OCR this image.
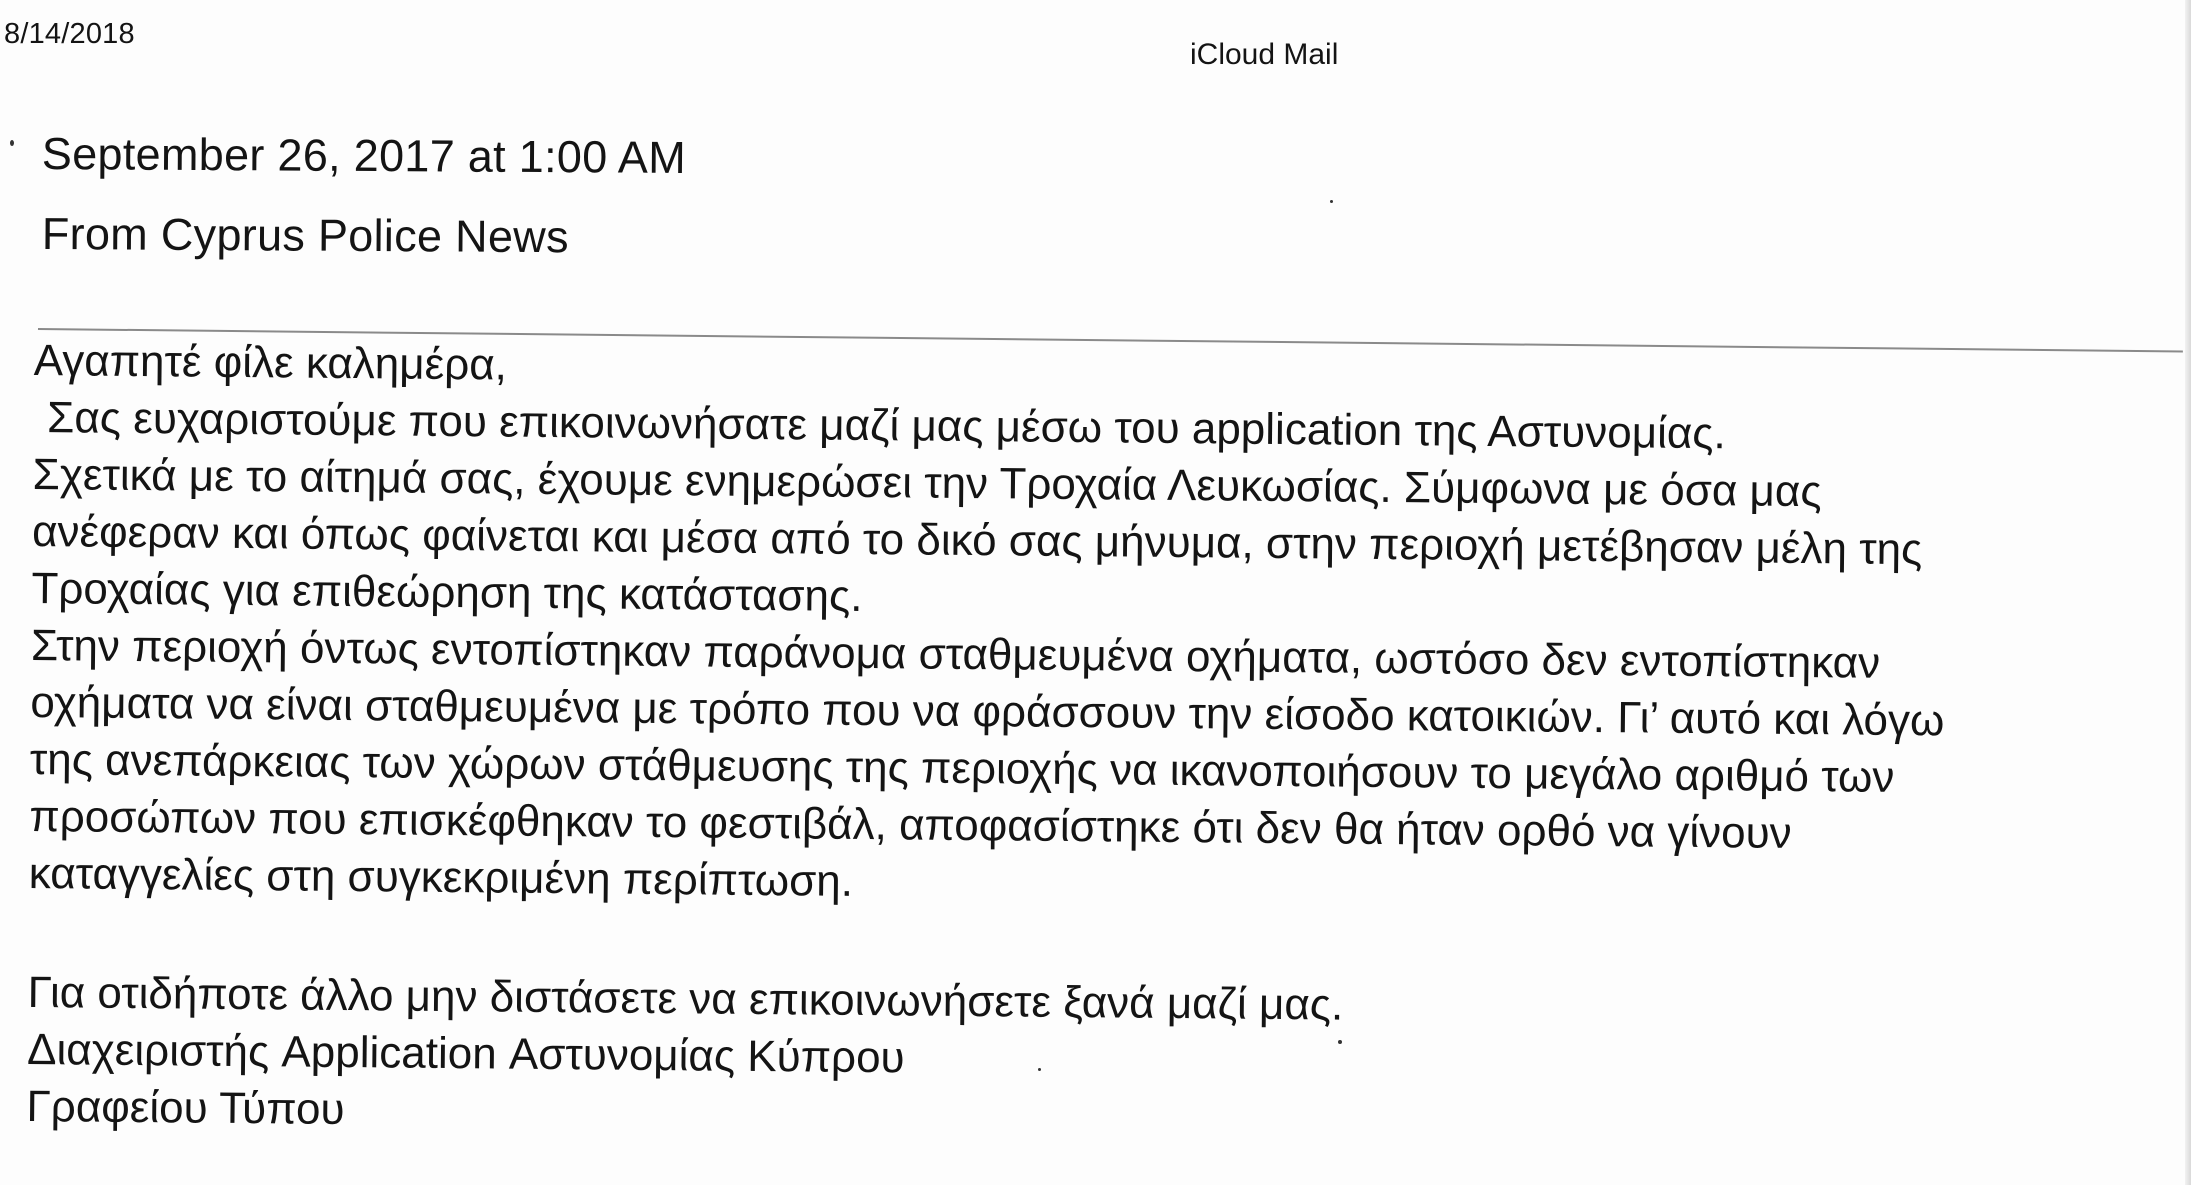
8/14/2018
iCloud Mail
September 26, 2017 at 1:00 AM
From Cyprus Police News
Αγαπητέ φίλε καλημέρα,
Σας ευχαριστούμε που επικοινωνήσατε μαζί μας μέσω του application της Αστυνομίας.
Σχετικά με το αίτημά σας, έχουμε ενημερώσει την Τροχαία Λευκωσίας. Σύμφωνα με όσα μας
ανέφεραν και όπως φαίνεται και μέσα από το δικό σας μήνυμα, στην περιοχή μετέβησαν μέλη της
Τροχαίας για επιθεώρηση της κατάστασης.
Στην περιοχή όντως εντοπίστηκαν παράνομα σταθμευμένα οχήματα, ωστόσο δεν εντοπίστηκαν
οχήματα να είναι σταθμευμένα με τρόπο που να φράσσουν την είσοδο κατοικιών. Γι’ αυτό και λόγω
της ανεπάρκειας των χώρων στάθμευσης της περιοχής να ικανοποιήσουν το μεγάλο αριθμό των
προσώπων που επισκέφθηκαν το φεστιβάλ, αποφασίστηκε ότι δεν θα ήταν ορθό να γίνουν
καταγγελίες στη συγκεκριμένη περίπτωση.
Για οτιδήποτε άλλο μην διστάσετε να επικοινωνήσετε ξανά μαζί μας.
Διαχειριστής Application Αστυνομίας Κύπρου
Γραφείου Τύπου
